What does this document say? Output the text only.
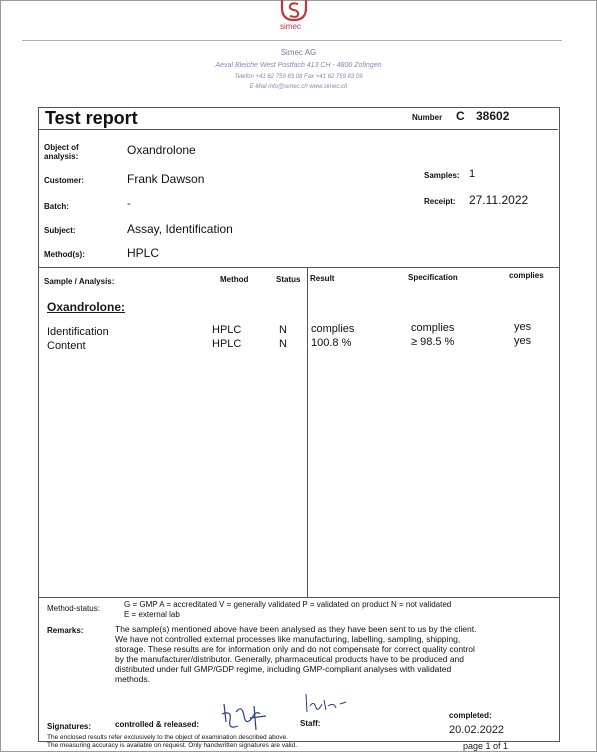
simec
Simec AG
Aeval Bleiche West Postfach 413 CH - 4800 Zofingen
Telefon +41 62 759 83 08 Fax +41 62 759 83 09
E-Mail info@simec.ch www.simec.ch
Test report	Number C 38602
Object of
analysis:	Oxandrolone
Customer:	Frank Dawson	Samples: 1
Batch:	-	Receipt: 27.11.2022
Subject:	Assay, Identification
Method(s):	HPLC
Sample / Analysis:	Method	Status Result	Specification	complies
Oxandrolone:
Identification	HPLC	N complies	complies	yes
Content	HPLC	N 100.8 %	≥ 98.5 %	yes
Method-status:	G = GMP A = accreditated V = generally validated P = validated on product N = not validated
E = external lab
Remarks:	The sample(s) mentioned above have been analysed as they have been sent to us by the client.
We have not controlled external processes like manufacturing, labelling, sampling, shipping,
storage. These results are for information only and do not compensate for correct quality control
by the manufacturer/distributor. Generally, pharmaceutical products have to be produced and
distributed under full GMP/GDP regime, including GMP-compliant analyses with validated
methods.
Signatures:	controlled & released:	Staff:
completed:
20.02.2022
The enclosed results refer exclusively to the object of examination described above.
The measuring accuracy is available on request. Only handwritten signatures are valid.	page 1 of 1
